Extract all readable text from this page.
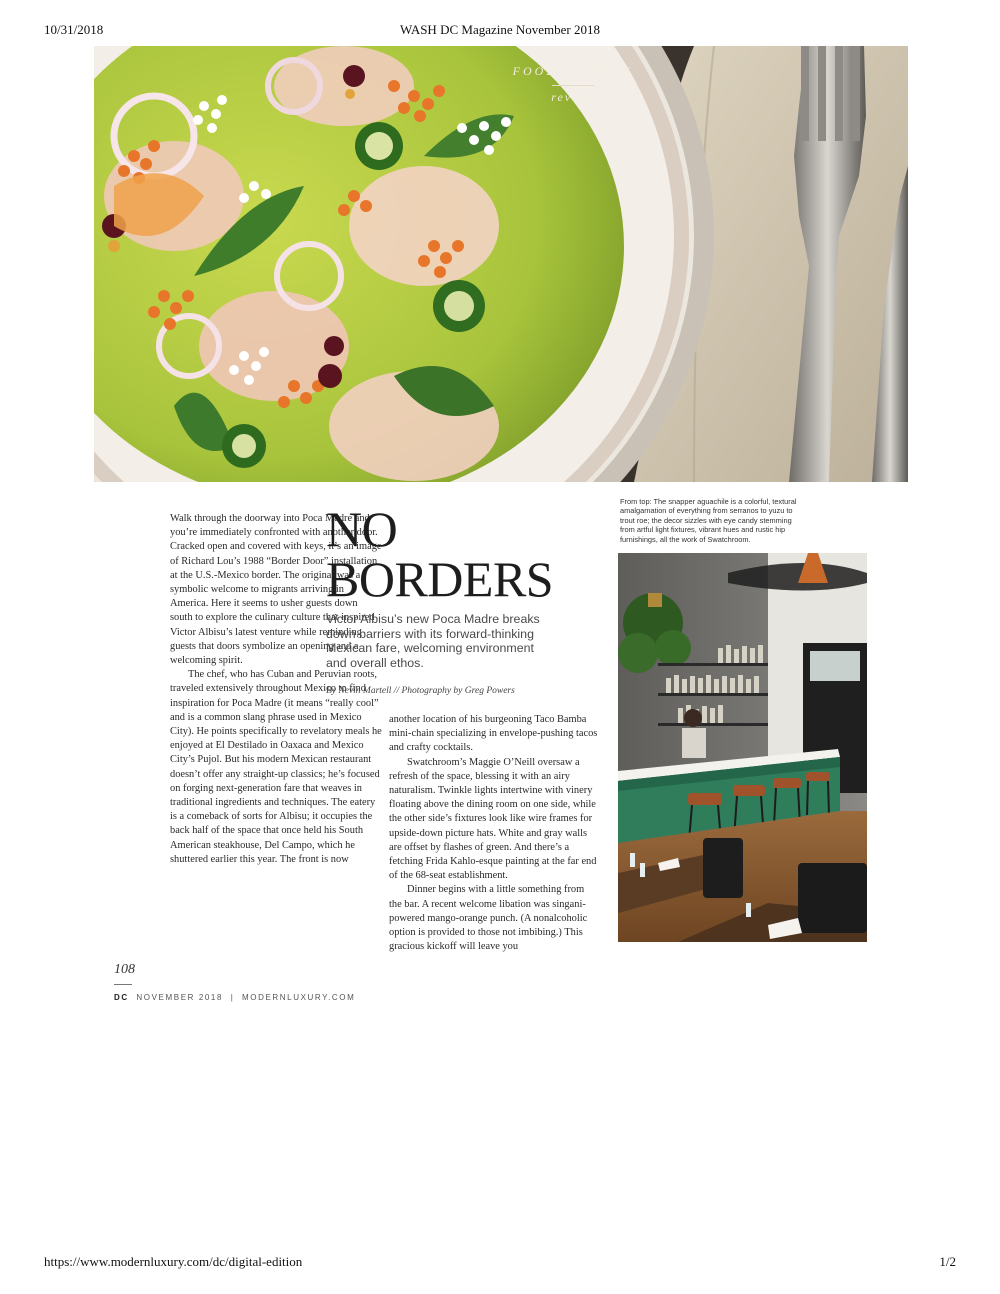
10/31/2018	WASH DC Magazine November 2018
FOOD & DRINK
review

Walk through the doorway into Poca Madre and you’re immediately confronted with another door. Cracked open and covered with keys, it’s an image of Richard Lou’s 1988 “Border Door” installation at the U.S.-Mexico border. The original was a symbolic welcome to migrants arriving in America. Here it seems to usher guests down south to explore the culinary culture that inspired Victor Albisu’s latest venture while reminding guests that doors symbolize an opening and a welcoming spirit.

The chef, who has Cuban and Peruvian roots, traveled extensively throughout Mexico to find inspiration for Poca Madre (it means “really cool” and is a common slang phrase used in Mexico City). He points specifically to revelatory meals he enjoyed at El Destilado in Oaxaca and Mexico City’s Pujol. But his modern Mexican restaurant doesn’t offer any straight-up classics; he’s focused on forging next-generation fare that weaves in traditional ingredients and techniques. The eatery is a comeback of sorts for Albisu; it occupies the back half of the space that once held his South American steakhouse, Del Campo, which he shuttered earlier this year. The front is now

NO
BORDERS
Victor Albisu’s new Poca Madre breaks down barriers with its forward-thinking Mexican fare, welcoming environment and overall ethos.
By Nevin Martell // Photography by Greg Powers

another location of his burgeoning Taco Bamba mini-chain specializing in envelope-pushing tacos and crafty cocktails.

Swatchroom’s Maggie O’Neill oversaw a refresh of the space, blessing it with an airy naturalism. Twinkle lights intertwine with vinery floating above the dining room on one side, while the other side’s fixtures look like wire frames for upside-down picture hats. White and gray walls are offset by flashes of green. And there’s a fetching Frida Kahlo-esque painting at the far end of the 68-seat establishment.

Dinner begins with a little something from the bar. A recent welcome libation was singani-powered mango-orange punch. (A nonalcoholic option is provided to those not imbibing.) This gracious kickoff will leave you

From top: The snapper aguachile is a colorful, textural amalgamation of everything from serranos to yuzu to trout roe; the decor sizzles with eye candy stemming from artful light fixtures, vibrant hues and rustic hip furnishings, all the work of Swatchroom.
108
DC NOVEMBER 2018 | MODERNLUXURY.COM
https://www.modernluxury.com/dc/digital-edition	1/2
